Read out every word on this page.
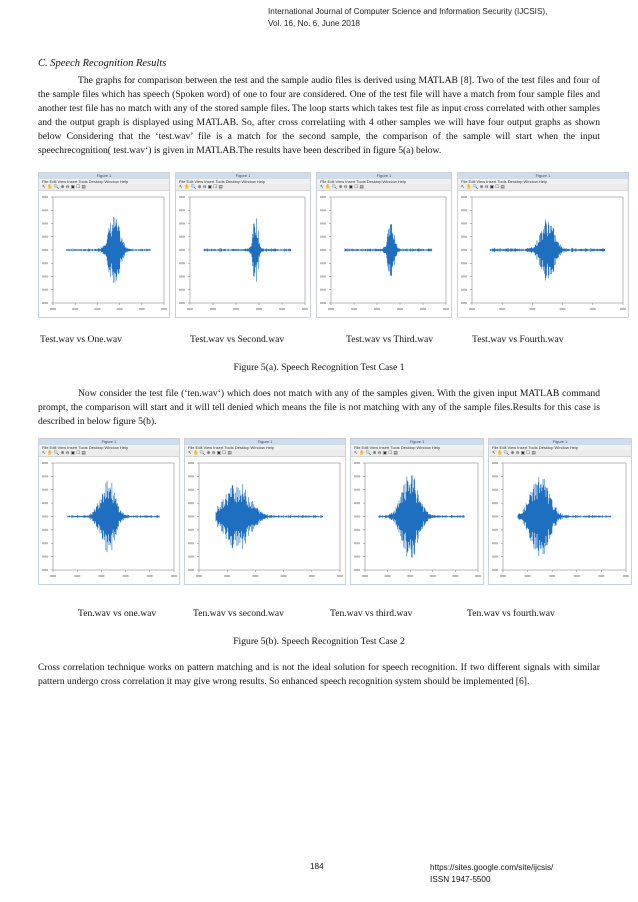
International Journal of Computer Science and Information Security (IJCSIS),
Vol. 16, No. 6, June 2018
C. Speech Recognition Results

The graphs for comparison between the test and the sample audio files is derived using MATLAB [8]. Two of the test files and four of the sample files which has speech (Spoken word) of one to four are considered. One of the test file will have a match from four sample files and another test file has no match with any of the stored sample files. The loop starts which takes test file as input cross correlated with other samples and the output graph is displayed using MATLAB. So, after cross correlatiing with 4 other samples we will have four output graphs as shown below Considering that the ‘test.wav’ file is a match for the second sample, the comparison of the sample will start when the input speechrecognition( test.wav‘) is given in MATLAB.The results have been described in figure 5(a) below.

Figure 1
File Edit View Insert Tools Desktop Window Help
↖ ✋ 🔍 ⊕ ⊖ ▣ ☐ ▤
Figure 1
File Edit View Insert Tools Desktop Window Help
↖ ✋ 🔍 ⊕ ⊖ ▣ ☐ ▤
Figure 1
File Edit View Insert Tools Desktop Window Help
↖ ✋ 🔍 ⊕ ⊖ ▣ ☐ ▤
Figure 1
File Edit View Insert Tools Desktop Window Help
↖ ✋ 🔍 ⊕ ⊖ ▣ ☐ ▤
Test.wav vs One.wav	Test.wav vs Second.wav	Test.wav vs Third.wav	Test.wav vs Fourth.wav
Figure 5(a). Speech Recognition Test Case 1

Now consider the test file (‘ten.wav‘) which does not match with any of the samples given. With the given input MATLAB command prompt, the comparison will start and it will tell denied which means the file is not matching with any of the sample files.Results for this case is described in below figure 5(b).

Figure 1
File Edit View Insert Tools Desktop Window Help
↖ ✋ 🔍 ⊕ ⊖ ▣ ☐ ▤
Figure 1
File Edit View Insert Tools Desktop Window Help
↖ ✋ 🔍 ⊕ ⊖ ▣ ☐ ▤
Figure 1
File Edit View Insert Tools Desktop Window Help
↖ ✋ 🔍 ⊕ ⊖ ▣ ☐ ▤
Figure 1
File Edit View Insert Tools Desktop Window Help
↖ ✋ 🔍 ⊕ ⊖ ▣ ☐ ▤
Ten.wav vs one.wav	Ten.wav vs second.wav	Ten.wav vs third.wav	Ten.wav vs fourth.wav
Figure 5(b). Speech Recognition Test Case 2

Cross correlation technique works on pattern matching and is not the ideal solution for speech recognition. If two different signals with similar pattern undergo cross correlation it may give wrong results. So enhanced speech recognition system should be implemented [6].

184	https://sites.google.com/site/ijcsis/
ISSN 1947-5500
